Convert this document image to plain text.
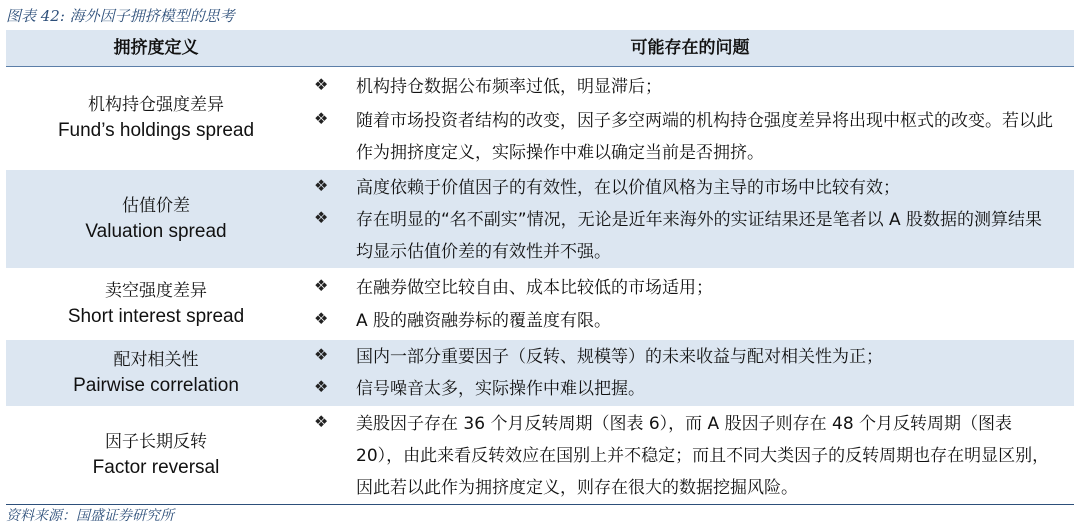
图表 42: 海外因子拥挤模型的思考
拥挤度定义	可能存在的问题
机构持仓强度差异
Fund’s holdings spread
❖ 机构持仓数据公布频率过低，明显滞后；
❖ 随着市场投资者结构的改变，因子多空两端的机构持仓强度差异将出现中枢式的改变。若以此作为拥挤度定义，实际操作中难以确定当前是否拥挤。
估值价差
Valuation spread
❖ 高度依赖于价值因子的有效性，在以价值风格为主导的市场中比较有效；
❖ 存在明显的“名不副实”情况，无论是近年来海外的实证结果还是笔者以 A 股数据的测算结果均显示估值价差的有效性并不强。
卖空强度差异
Short interest spread
❖ 在融券做空比较自由、成本比较低的市场适用；
❖ A 股的融资融券标的覆盖度有限。
配对相关性
Pairwise correlation
❖ 国内一部分重要因子（反转、规模等）的未来收益与配对相关性为正；
❖ 信号噪音太多，实际操作中难以把握。
因子长期反转
Factor reversal
❖ 美股因子存在 36 个月反转周期（图表 6），而 A 股因子则存在 48 个月反转周期（图表 20），由此来看反转效应在国别上并不稳定；而且不同大类因子的反转周期也存在明显区别，因此若以此作为拥挤度定义，则存在很大的数据挖掘风险。
资料来源：国盛证券研究所
